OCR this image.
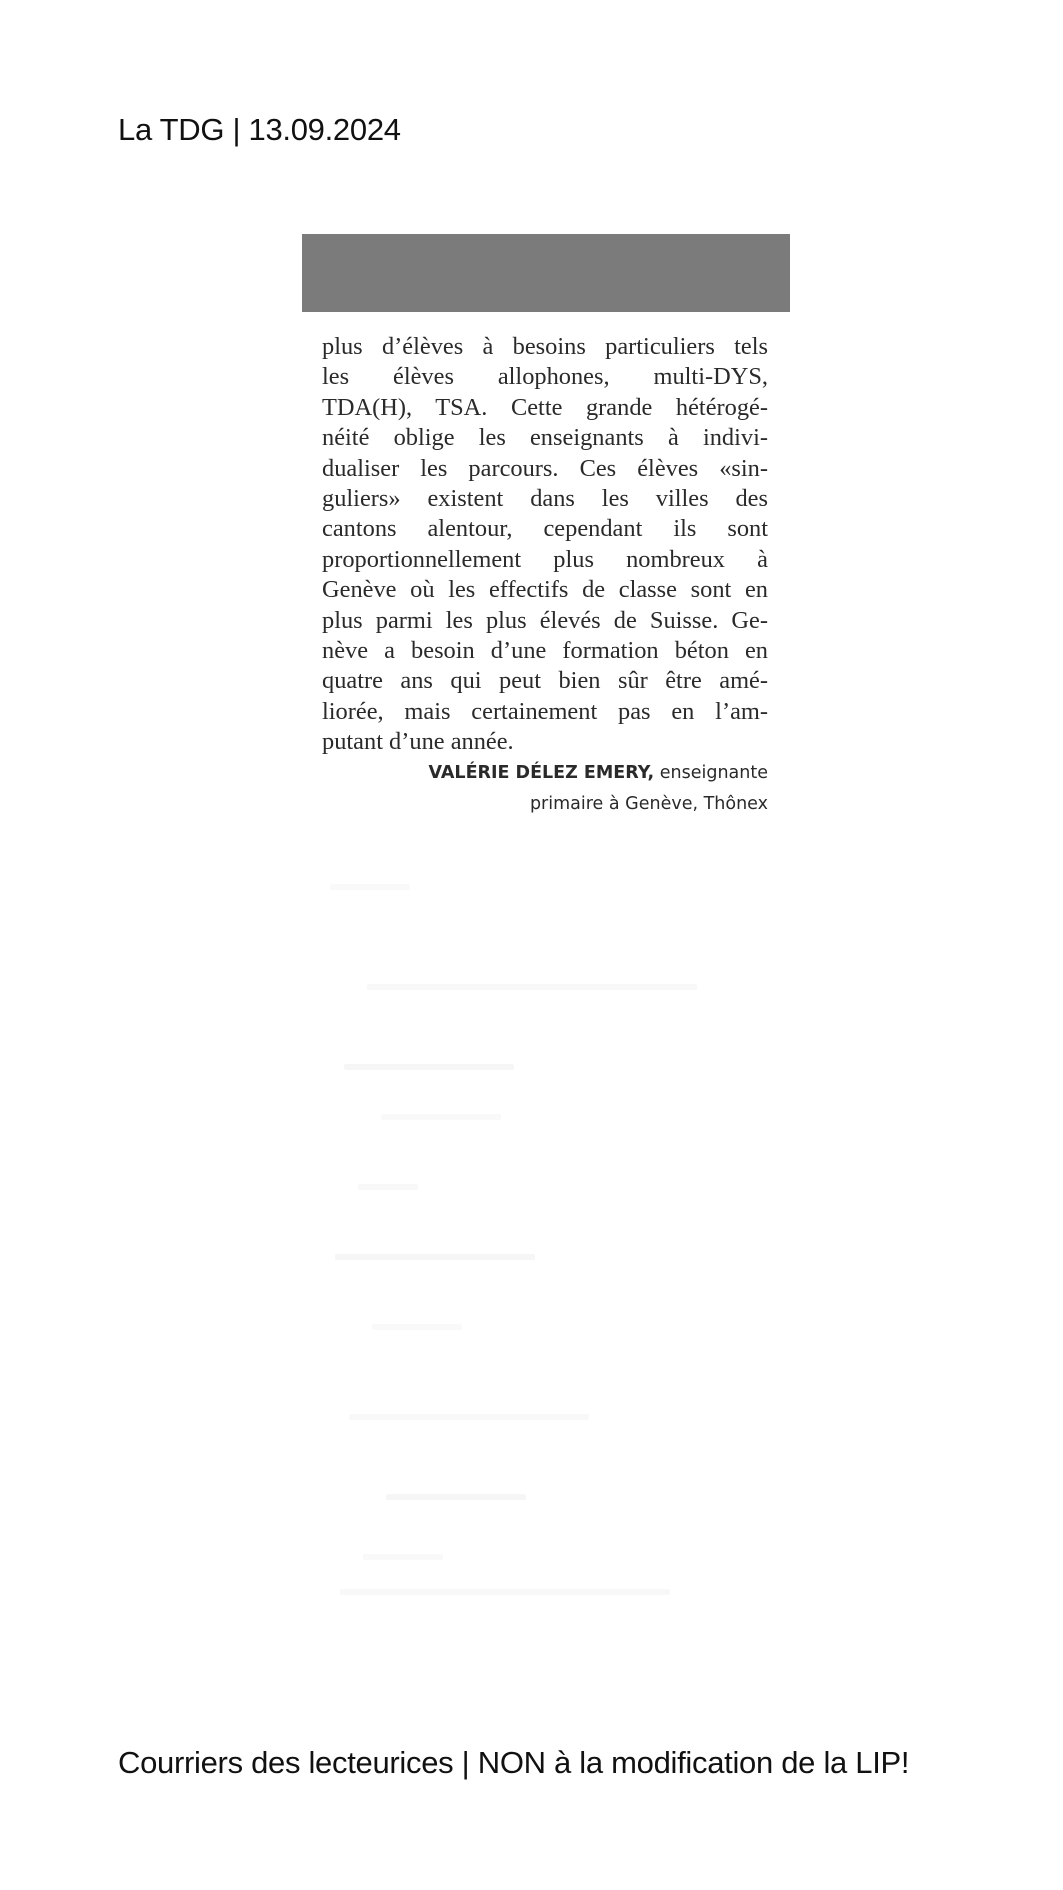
La TDG | 13.09.2024
plus d’élèves à besoins particuliers tels
les élèves allophones, multi-DYS,
TDA(H), TSA. Cette grande hétérogé-
néité oblige les enseignants à indivi-
dualiser les parcours. Ces élèves «sin-
guliers» existent dans les villes des
cantons alentour, cependant ils sont
proportionnellement plus nombreux à
Genève où les effectifs de classe sont en
plus parmi les plus élevés de Suisse. Ge-
nève a besoin d’une formation béton en
quatre ans qui peut bien sûr être amé-
liorée, mais certainement pas en l’am-
putant d’une année.
VALÉRIE DÉLEZ EMERY, enseignante
primaire à Genève, Thônex
Courriers des lecteurices | NON à la modification de la LIP!
